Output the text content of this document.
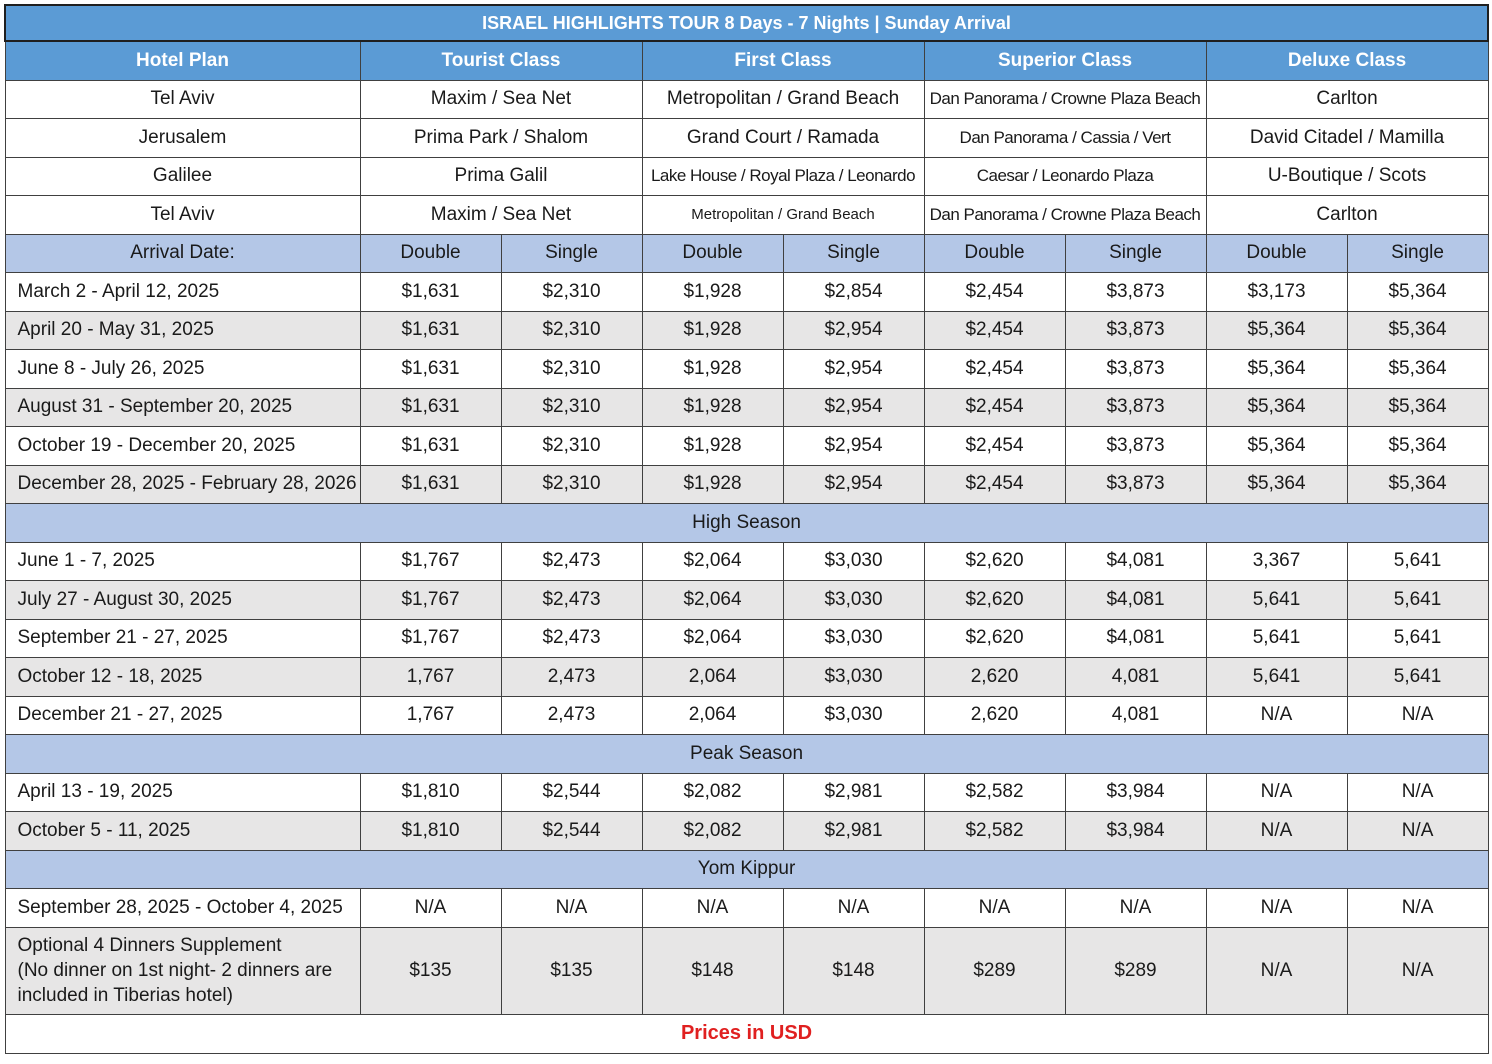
ISRAEL HIGHLIGHTS TOUR 8 Days - 7 Nights | Sunday Arrival								
Hotel Plan	Tourist Class		First Class		Superior Class		Deluxe Class	
Tel Aviv	Maxim / Sea Net		Metropolitan / Grand Beach		Dan Panorama / Crowne Plaza Beach		Carlton	
Jerusalem	Prima Park / Shalom		Grand Court / Ramada		Dan Panorama / Cassia / Vert		David Citadel / Mamilla	
Galilee	Prima Galil		Lake House / Royal Plaza / Leonardo		Caesar / Leonardo Plaza		U-Boutique / Scots	
Tel Aviv	Maxim / Sea Net		Metropolitan / Grand Beach		Dan Panorama / Crowne Plaza Beach		Carlton	
Arrival Date:	Double	Single	Double	Single	Double	Single	Double	Single
March 2 - April 12, 2025	$1,631	$2,310	$1,928	$2,854	$2,454	$3,873	$3,173	$5,364
April 20 - May 31, 2025	$1,631	$2,310	$1,928	$2,954	$2,454	$3,873	$5,364	$5,364
June 8 - July 26, 2025	$1,631	$2,310	$1,928	$2,954	$2,454	$3,873	$5,364	$5,364
August 31 - September 20, 2025	$1,631	$2,310	$1,928	$2,954	$2,454	$3,873	$5,364	$5,364
October 19 - December 20, 2025	$1,631	$2,310	$1,928	$2,954	$2,454	$3,873	$5,364	$5,364
December 28, 2025 - February 28, 2026	$1,631	$2,310	$1,928	$2,954	$2,454	$3,873	$5,364	$5,364
High Season								
June 1 - 7, 2025	$1,767	$2,473	$2,064	$3,030	$2,620	$4,081	3,367	5,641
July 27 - August 30, 2025	$1,767	$2,473	$2,064	$3,030	$2,620	$4,081	5,641	5,641
September 21 - 27, 2025	$1,767	$2,473	$2,064	$3,030	$2,620	$4,081	5,641	5,641
October 12 - 18, 2025	1,767	2,473	2,064	$3,030	2,620	4,081	5,641	5,641
December 21 - 27, 2025	1,767	2,473	2,064	$3,030	2,620	4,081	N/A	N/A
Peak Season								
April 13 - 19, 2025	$1,810	$2,544	$2,082	$2,981	$2,582	$3,984	N/A	N/A
October 5 - 11, 2025	$1,810	$2,544	$2,082	$2,981	$2,582	$3,984	N/A	N/A
Yom Kippur								
September 28, 2025 - October 4, 2025	N/A	N/A	N/A	N/A	N/A	N/A	N/A	N/A

Optional 4 Dinners Supplement
(No dinner on 1st night- 2 dinners are
included in Tiberias hotel)	$135	$135	$148	$148	$289	$289	N/A	N/A
Prices in USD								
